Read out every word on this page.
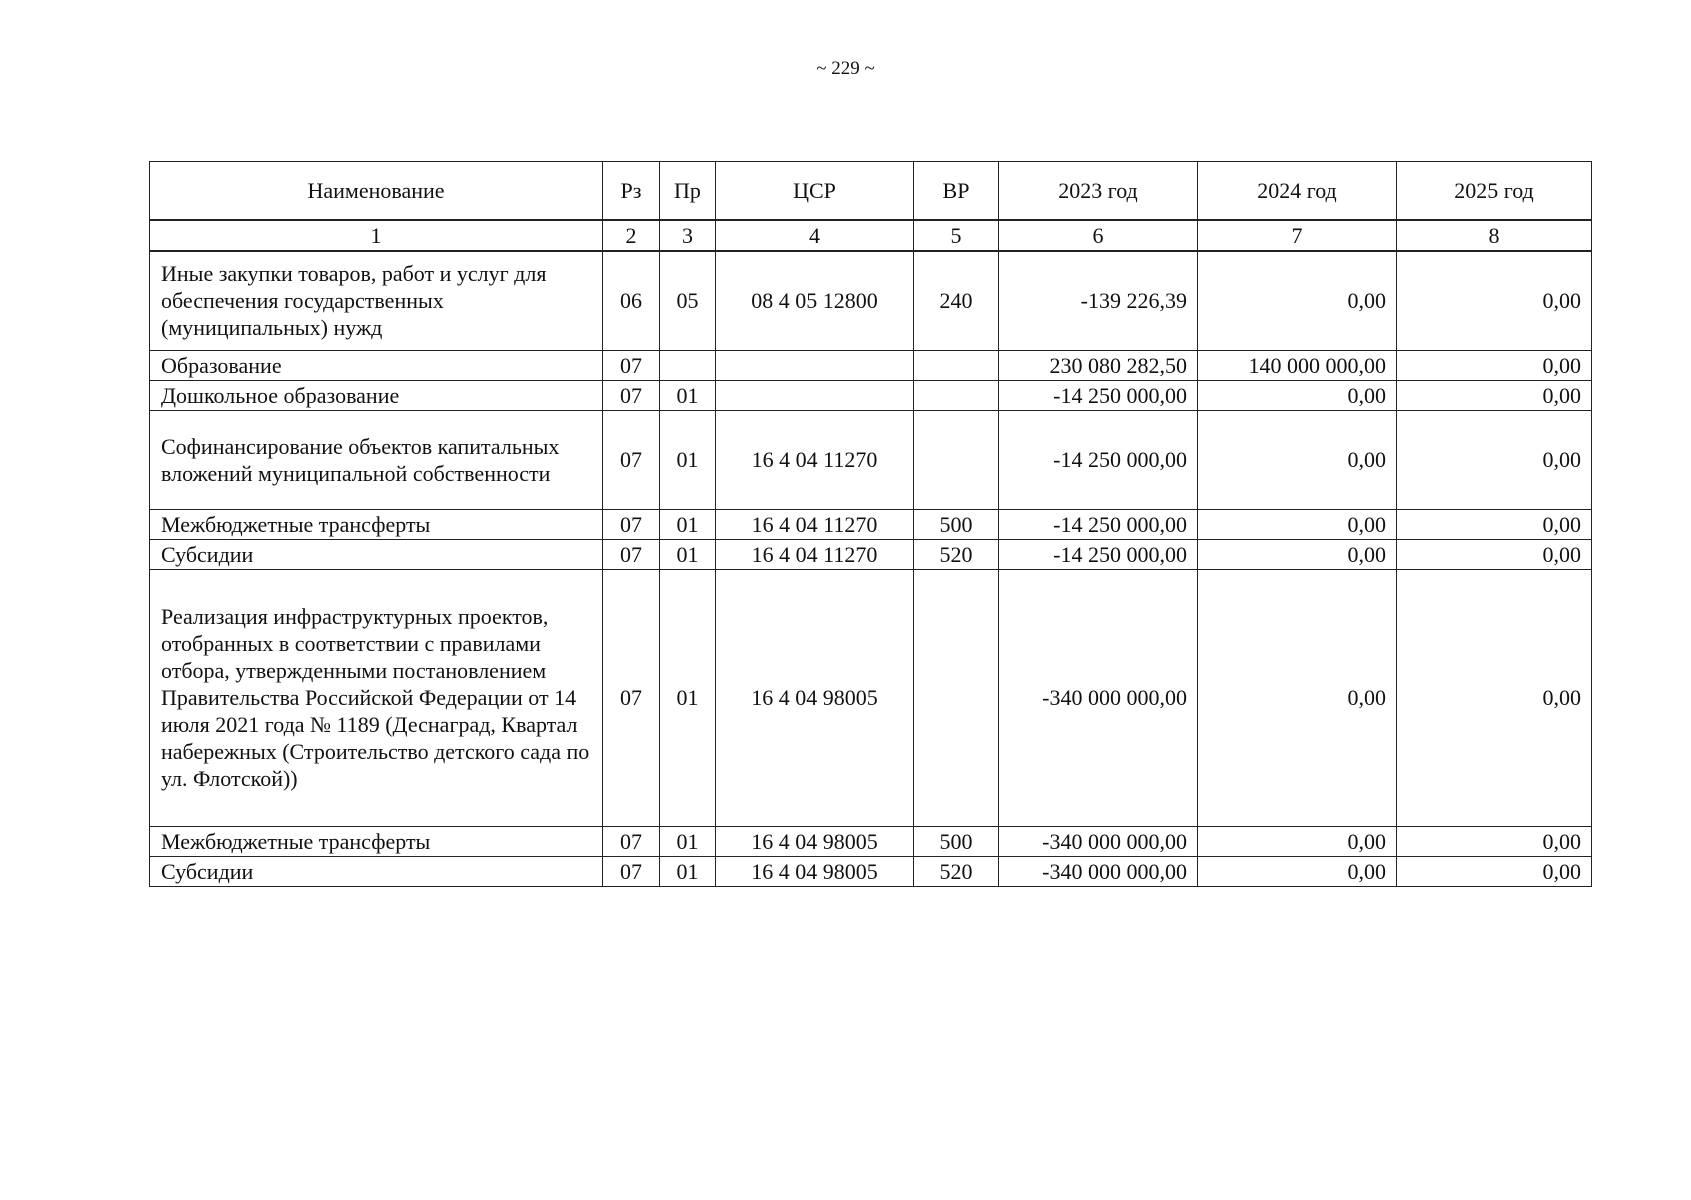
~ 229 ~
Наименование	Рз	Пр	ЦСР	ВР	2023 год	2024 год	2025 год
1	2	3	4	5	6	7	8
Иные закупки товаров, работ и услуг для обеспечения государственных (муниципальных) нужд	06	05	08 4 05 12800	240	-139 226,39	0,00	0,00
Образование	07				230 080 282,50	140 000 000,00	0,00
Дошкольное образование	07	01			-14 250 000,00	0,00	0,00
Софинансирование объектов капитальных вложений муниципальной собственности	07	01	16 4 04 11270		-14 250 000,00	0,00	0,00
Межбюджетные трансферты	07	01	16 4 04 11270	500	-14 250 000,00	0,00	0,00
Субсидии	07	01	16 4 04 11270	520	-14 250 000,00	0,00	0,00
Реализация инфраструктурных проектов, отобранных в соответствии с правилами отбора, утвержденными постановлением Правительства Российской Федерации от 14 июля 2021 года № 1189 (Деснаград, Квартал набережных (Строительство детского сада по ул. Флотской))	07	01	16 4 04 98005		-340 000 000,00	0,00	0,00
Межбюджетные трансферты	07	01	16 4 04 98005	500	-340 000 000,00	0,00	0,00
Субсидии	07	01	16 4 04 98005	520	-340 000 000,00	0,00	0,00
